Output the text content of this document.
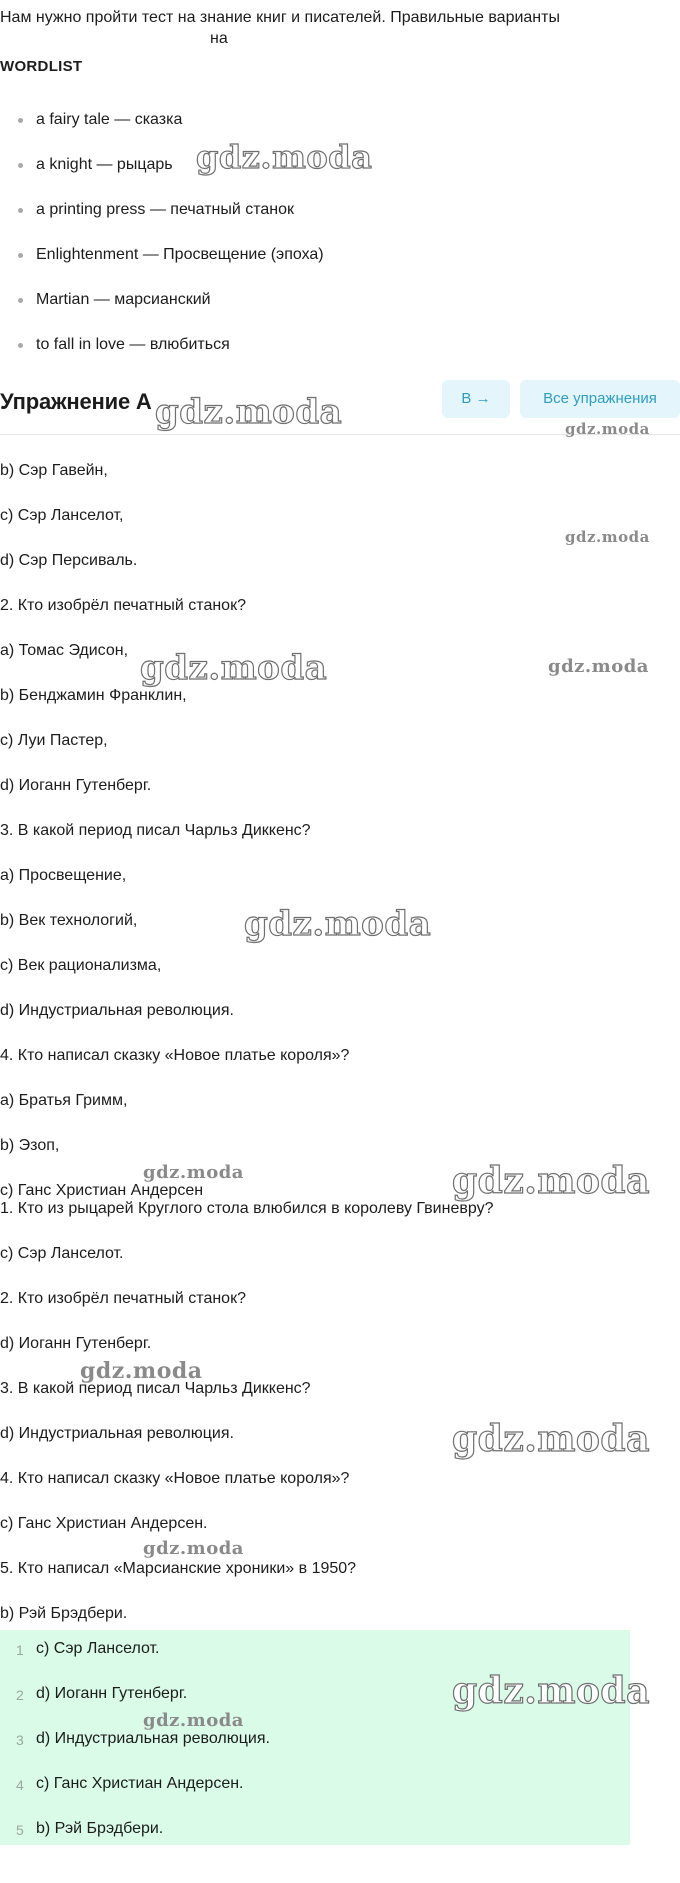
Нам нужно пройти тест на знание книг и писателей. Правильные варианты
на
WORDLIST
a fairy tale — сказка
a knight — рыцарь
a printing press — печатный станок
Enlightenment — Просвещение (эпоха)
Martian — марсианский
to fall in love — влюбиться
Упражнение A	B →	Все упражнения
b) Сэр Гавейн,
c) Сэр Ланселот,
d) Сэр Персиваль.
2. Кто изобрёл печатный станок?
a) Томас Эдисон,
b) Бенджамин Франклин,
c) Луи Пастер,
d) Иоганн Гутенберг.
3. В какой период писал Чарльз Диккенс?
a) Просвещение,
b) Век технологий,
c) Век рационализма,
d) Индустриальная революция.
4. Кто написал сказку «Новое платье короля»?
a) Братья Гримм,
b) Эзоп,
c) Ганс Христиан Андерсен
1. Кто из рыцарей Круглого стола влюбился в королеву Гвиневру?
c) Сэр Ланселот.
2. Кто изобрёл печатный станок?
d) Иоганн Гутенберг.
3. В какой период писал Чарльз Диккенс?
d) Индустриальная революция.
4. Кто написал сказку «Новое платье короля»?
c) Ганс Христиан Андерсен.
5. Кто написал «Марсианские хроники» в 1950?
b) Рэй Брэдбери.
1 c) Сэр Ланселот.
2 d) Иоганн Гутенберг.
3 d) Индустриальная революция.
4 c) Ганс Христиан Андерсен.
5 b) Рэй Брэдбери.
gdz.moda
gdz.moda	gdz.moda
gdz.moda
gdz.moda	gdz.moda
gdz.moda
gdz.moda	gdz.moda
gdz.moda
gdz.moda
gdz.moda
gdz.moda
gdz.moda
